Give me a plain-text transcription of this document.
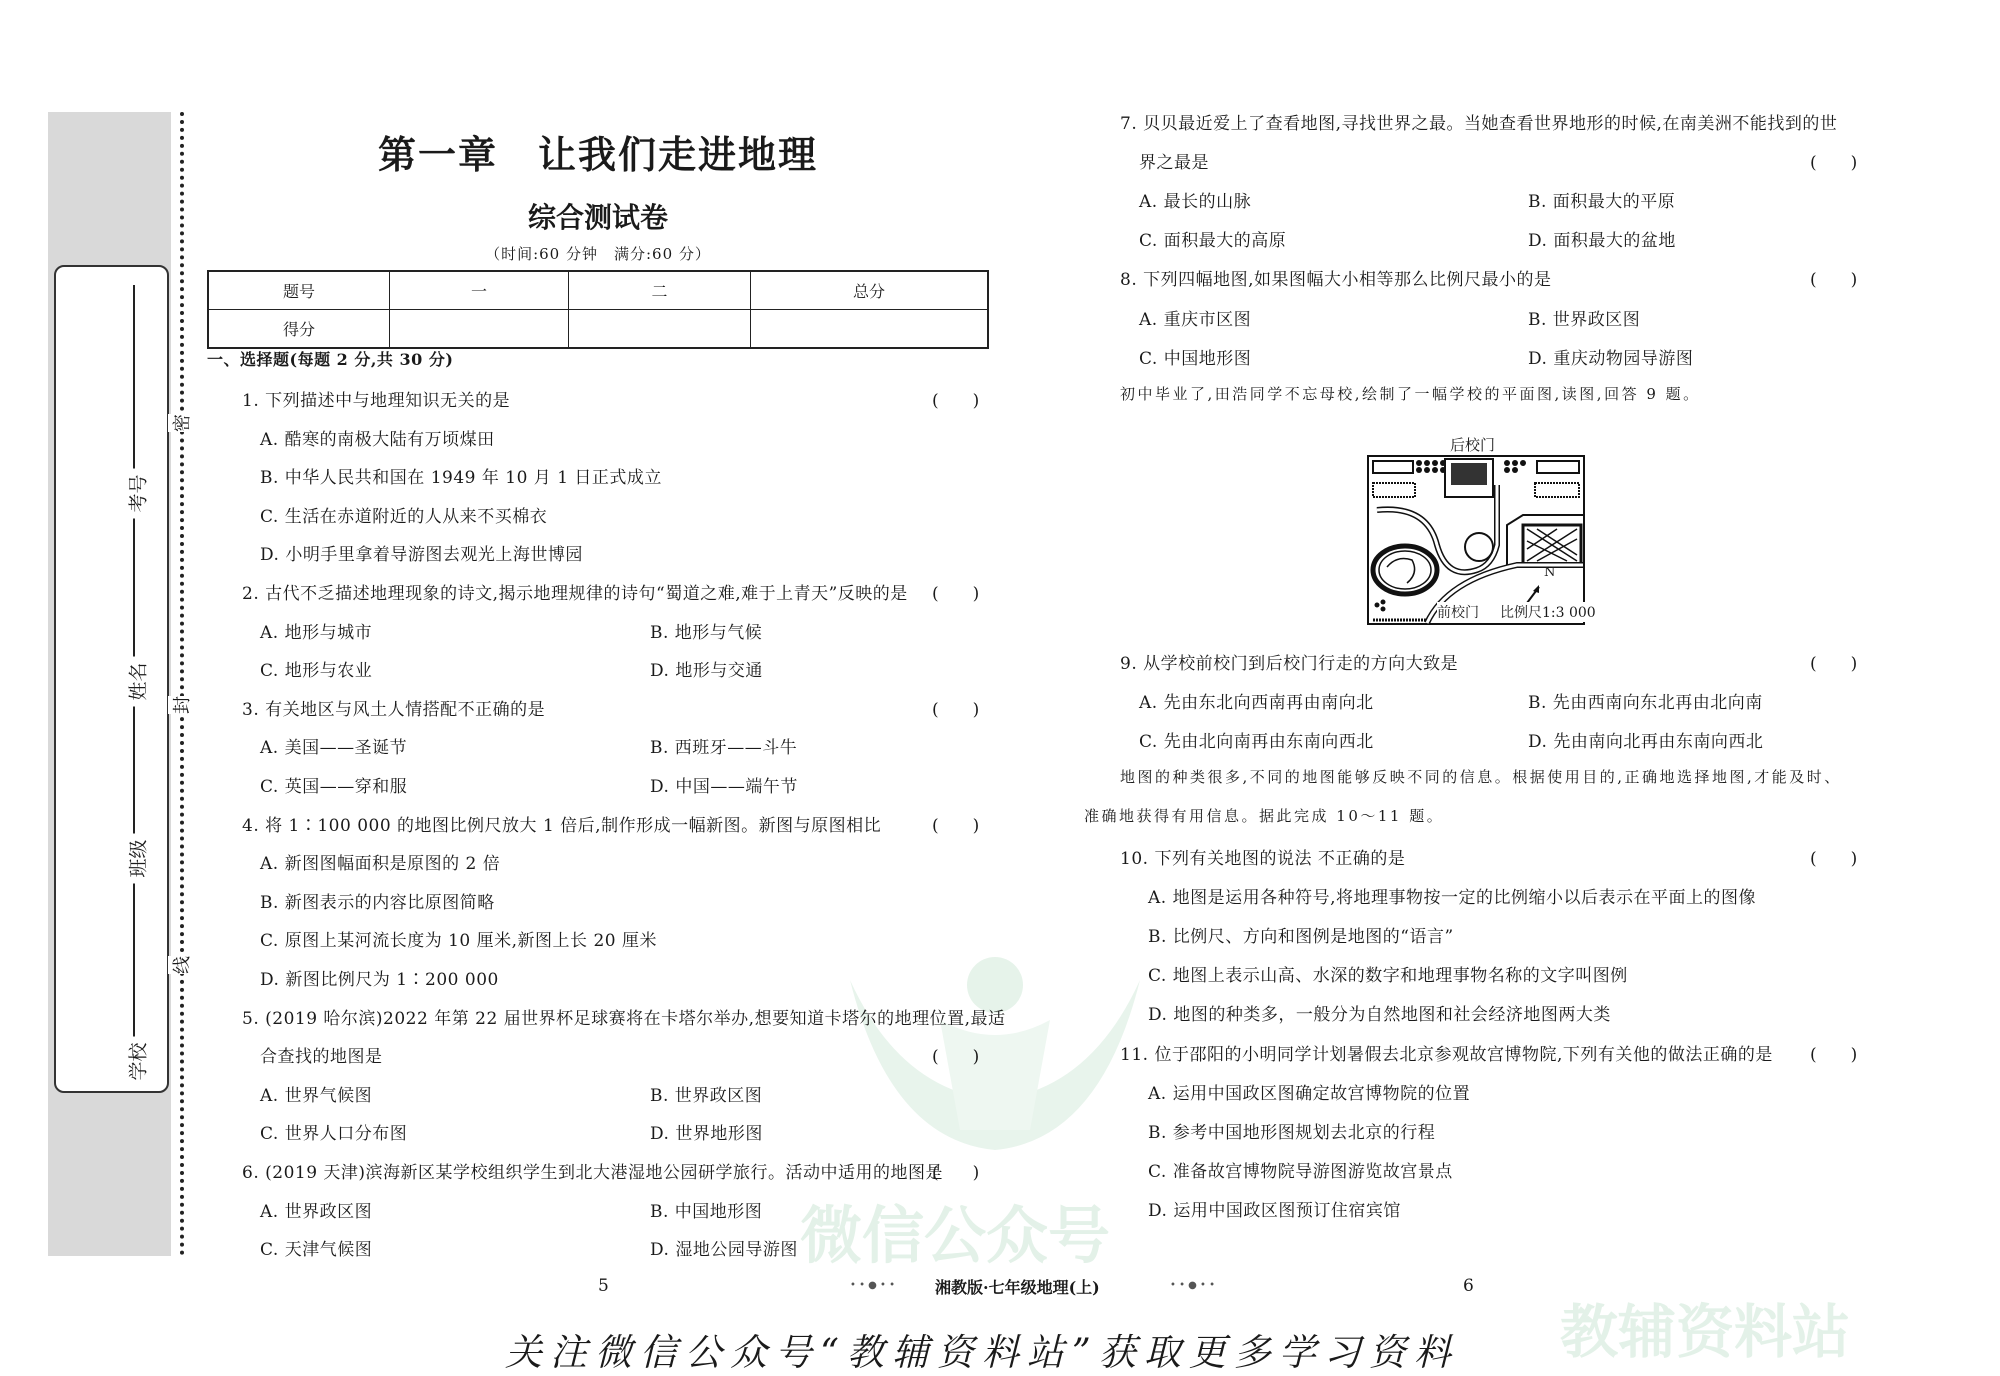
微信公众号
教辅资料站
考号
姓名
班级
学校
密
封
线
第一章　让我们走进地理
综合测试卷
（时间:60 分钟　满分:60 分）
题号	一	二	总分
得分			
一、选择题(每题 2 分,共 30 分)
1. 下列描述中与地理知识无关的是	(　　)
A. 酷寒的南极大陆有万顷煤田
B. 中华人民共和国在 1949 年 10 月 1 日正式成立
C. 生活在赤道附近的人从来不买棉衣
D. 小明手里拿着导游图去观光上海世博园
2. 古代不乏描述地理现象的诗文,揭示地理规律的诗句“蜀道之难,难于上青天”反映的是 (　　)
A. 地形与城市	B. 地形与气候
C. 地形与农业	D. 地形与交通
3. 有关地区与风土人情搭配不正确的是	(　　)
A. 美国——圣诞节	B. 西班牙——斗牛
C. 英国——穿和服	D. 中国——端午节
4. 将 1∶100 000 的地图比例尺放大 1 倍后,制作形成一幅新图。新图与原图相比	(　　)
A. 新图图幅面积是原图的 2 倍
B. 新图表示的内容比原图简略
C. 原图上某河流长度为 10 厘米,新图上长 20 厘米
D. 新图比例尺为 1∶200 000
5. (2019 哈尔滨)2022 年第 22 届世界杯足球赛将在卡塔尔举办,想要知道卡塔尔的地理位置,最适
合查找的地图是	(　　)
A. 世界气候图	B. 世界政区图
C. 世界人口分布图	D. 世界地形图
6. (2019 天津)滨海新区某学校组织学生到北大港湿地公园研学旅行。活动中适用的地图是
(　　)
A. 世界政区图	B. 中国地形图
C. 天津气候图	D. 湿地公园导游图
7. 贝贝最近爱上了查看地图,寻找世界之最。当她查看世界地形的时候,在南美洲不能找到的世
界之最是	(　　)
A. 最长的山脉	B. 面积最大的平原
C. 面积最大的高原	D. 面积最大的盆地
8. 下列四幅地图,如果图幅大小相等那么比例尺最小的是	(　　)
A. 重庆市区图	B. 世界政区图
C. 中国地形图	D. 重庆动物园导游图
初中毕业了,田浩同学不忘母校,绘制了一幅学校的平面图,读图,回答 9 题。
9. 从学校前校门到后校门行走的方向大致是	(　　)
A. 先由东北向西南再由南向北	B. 先由西南向东北再由北向南
C. 先由北向南再由东南向西北	D. 先由南向北再由东南向西北
地图的种类很多,不同的地图能够反映不同的信息。根据使用目的,正确地选择地图,才能及时、
准确地获得有用信息。据此完成 10～11 题。
10. 下列有关地图的说法 不正确的是	(　　)
A. 地图是运用各种符号,将地理事物按一定的比例缩小以后表示在平面上的图像
B. 比例尺、方向和图例是地图的“语言”
C. 地图上表示山高、水深的数字和地理事物名称的文字叫图例
D. 地图的种类多，一般分为自然地图和社会经济地图两大类
11. 位于邵阳的小明同学计划暑假去北京参观故宫博物院,下列有关他的做法正确的是 (　　)
A. 运用中国政区图确定故宫博物院的位置
B. 参考中国地形图规划去北京的行程
C. 准备故宫博物院导游图游览故宫景点
D. 运用中国政区图预订住宿宾馆
后校门
N
前校门 比例尺1:3 000
5	6
• • ● • • 湘教版·七年级地理(上)	• • ● • •
关注微信公众号“教辅资料站”获取更多学习资料
